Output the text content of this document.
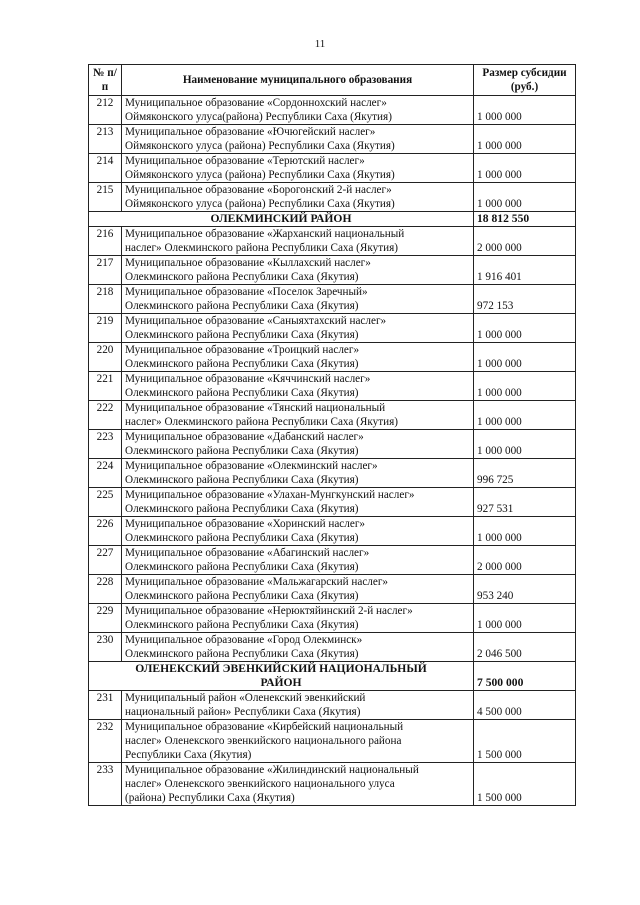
11
№ п/п	Наименование муниципального образования	Размер субсидии (руб.)
212	Муниципальное образование «Сордоннохский наслег»
Оймяконского улуса(района) Республики Саха (Якутия)	1 000 000
213	Муниципальное образование «Ючюгейский наслег»
Оймяконского улуса (района) Республики Саха (Якутия)	1 000 000
214	Муниципальное образование «Терютский наслег»
Оймяконского улуса (района) Республики Саха (Якутия)	1 000 000
215	Муниципальное образование «Борогонский 2-й наслег»
Оймяконского улуса (района) Республики Саха (Якутия)	1 000 000

ОЛЕКМИНСКИЙ РАЙОН		18 812 550
216	Муниципальное образование «Жарханский национальный
наслег» Олекминского района Республики Саха (Якутия)	2 000 000
217	Муниципальное образование «Кыллахский наслег»
Олекминского района Республики Саха (Якутия)	1 916 401
218	Муниципальное образование «Поселок Заречный»
Олекминского района Республики Саха (Якутия)	972 153
219	Муниципальное образование «Саныяхтахский наслег»
Олекминского района Республики Саха (Якутия)	1 000 000
220	Муниципальное образование «Троицкий наслег»
Олекминского района Республики Саха (Якутия)	1 000 000
221	Муниципальное образование «Кяччинский наслег»
Олекминского района Республики Саха (Якутия)	1 000 000
222	Муниципальное образование «Тянский национальный
наслег» Олекминского района Республики Саха (Якутия)	1 000 000
223	Муниципальное образование «Дабанский наслег»
Олекминского района Республики Саха (Якутия)	1 000 000
224	Муниципальное образование «Олекминский наслег»
Олекминского района Республики Саха (Якутия)	996 725
225	Муниципальное образование «Улахан-Мунгкунский наслег»
Олекминского района Республики Саха (Якутия)	927 531
226	Муниципальное образование «Хоринский наслег»
Олекминского района Республики Саха (Якутия)	1 000 000
227	Муниципальное образование «Абагинский наслег»
Олекминского района Республики Саха (Якутия)	2 000 000
228	Муниципальное образование «Мальжагарский наслег»
Олекминского района Республики Саха (Якутия)	953 240
229	Муниципальное образование «Нерюктяйинский 2-й наслег»
Олекминского района Республики Саха (Якутия)	1 000 000
230	Муниципальное образование «Город Олекминск»
Олекминского района Республики Саха (Якутия)	2 046 500

ОЛЕНЕКСКИЙ ЭВЕНКИЙСКИЙ НАЦИОНАЛЬНЫЙ
РАЙОН		7 500 000
231	Муниципальный район «Оленекский эвенкийский
национальный район» Республики Саха (Якутия)	4 500 000
232	Муниципальное образование «Кирбейский национальный
наслег» Оленекского эвенкийского национального района
Республики Саха (Якутия)	1 500 000
233	Муниципальное образование «Жилиндинский национальный
наслег» Оленекского эвенкийского национального улуса
(района) Республики Саха (Якутия)	1 500 000
